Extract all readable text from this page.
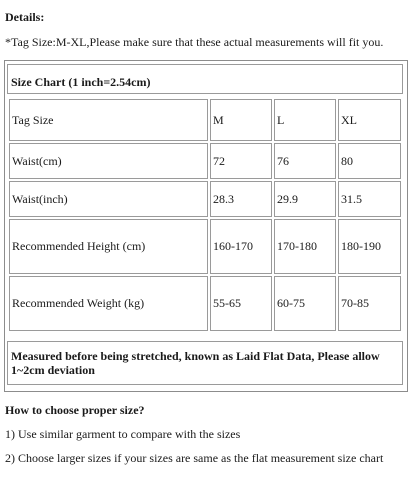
Details:
*Tag Size:M-XL,Please make sure that these actual measurements will fit you.
Size Chart (1 inch=2.54cm)
Tag Size	M	L	XL
Waist(cm)	72	76	80
Waist(inch)	28.3	29.9	31.5
Recommended Height (cm)	160-170	170-180	180-190
Recommended Weight (kg)	55-65	60-75	70-85
Measured before being stretched, known as Laid Flat Data, Please allow 1~2cm deviation
How to choose proper size?
1) Use similar garment to compare with the sizes
2) Choose larger sizes if your sizes are same as the flat measurement size chart
